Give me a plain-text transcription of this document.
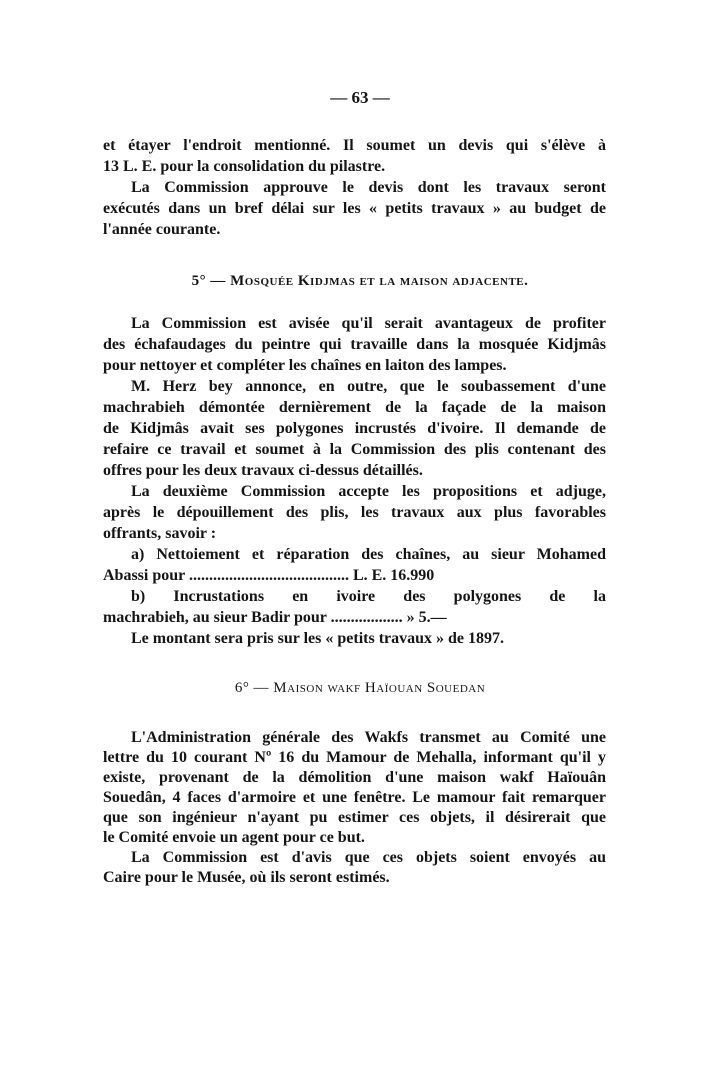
— 63 —
et étayer l'endroit mentionné. Il soumet un devis qui s'élève à
13 L. E. pour la consolidation du pilastre.
La Commission approuve le devis dont les travaux seront
exécutés dans un bref délai sur les « petits travaux » au budget de
l'année courante.
5° — Mosquée Kidjmas et la maison adjacente.
La Commission est avisée qu'il serait avantageux de profiter
des échafaudages du peintre qui travaille dans la mosquée Kidjmâs
pour nettoyer et compléter les chaînes en laiton des lampes.
M. Herz bey annonce, en outre, que le soubassement d'une
machrabieh démontée dernièrement de la façade de la maison
de Kidjmâs avait ses polygones incrustés d'ivoire. Il demande de
refaire ce travail et soumet à la Commission des plis contenant des
offres pour les deux travaux ci-dessus détaillés.
La deuxième Commission accepte les propositions et adjuge,
après le dépouillement des plis, les travaux aux plus favorables
offrants, savoir :
a) Nettoiement et réparation des chaînes, au sieur Mohamed
Abassi pour ........................................ L. E. 16.990
b) Incrustations en ivoire des polygones de la
machrabieh, au sieur Badir pour .................. » 5.—
Le montant sera pris sur les « petits travaux » de 1897.
6° — Maison wakf Haïouan Souedan
L'Administration générale des Wakfs transmet au Comité une
lettre du 10 courant Nº 16 du Mamour de Mehalla, informant qu'il y
existe, provenant de la démolition d'une maison wakf Haïouân
Souedân, 4 faces d'armoire et une fenêtre. Le mamour fait remarquer
que son ingénieur n'ayant pu estimer ces objets, il désirerait que
le Comité envoie un agent pour ce but.
La Commission est d'avis que ces objets soient envoyés au
Caire pour le Musée, où ils seront estimés.
